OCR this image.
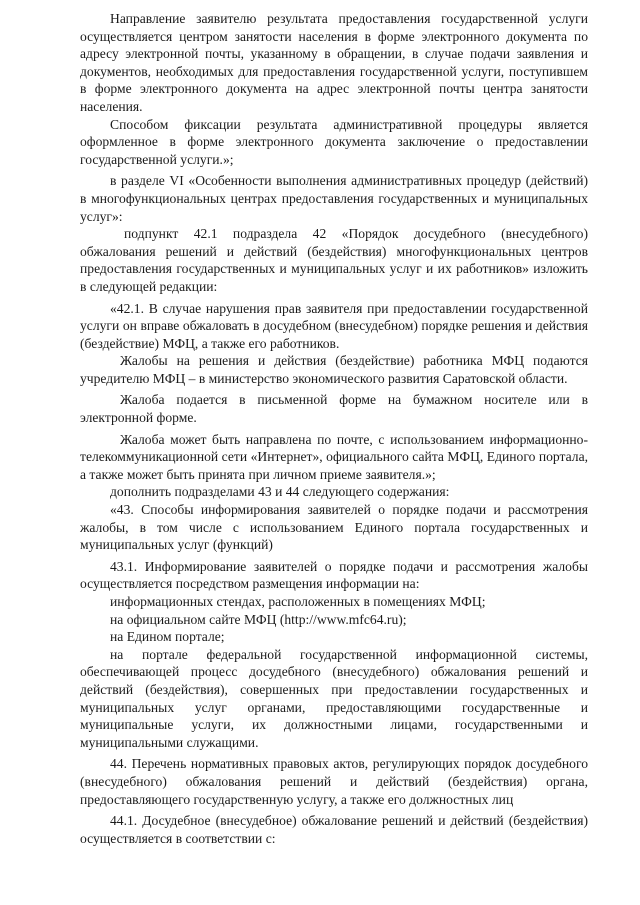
Направление заявителю результата предоставления государственной услуги осуществляется центром занятости населения в форме электронного документа по адресу электронной почты, указанному в обращении, в случае подачи заявления и документов, необходимых для предоставления государственной услуги, поступившем в форме электронного документа на адрес электронной почты центра занятости населения.

Способом фиксации результата административной процедуры является оформленное в форме электронного документа заключение о предоставлении государственной услуги.»;

в разделе VI «Особенности выполнения административных процедур (действий) в многофункциональных центрах предоставления государственных и муниципальных услуг»:

подпункт 42.1 подраздела 42 «Порядок досудебного (внесудебного) обжалования решений и действий (бездействия) многофункциональных центров предоставления государственных и муниципальных услуг и их работников» изложить в следующей редакции:

«42.1. В случае нарушения прав заявителя при предоставлении государственной услуги он вправе обжаловать в досудебном (внесудебном) порядке решения и действия (бездействие) МФЦ, а также его работников.

Жалобы на решения и действия (бездействие) работника МФЦ подаются учредителю МФЦ – в министерство экономического развития Саратовской области.

Жалоба подается в письменной форме на бумажном носителе или в электронной форме.

Жалоба может быть направлена по почте, с использованием информационно-телекоммуникационной сети «Интернет», официального сайта МФЦ, Единого портала, а также может быть принята при личном приеме заявителя.»;

дополнить подразделами 43 и 44 следующего содержания:

«43. Способы информирования заявителей о порядке подачи и рассмотрения жалобы, в том числе с использованием Единого портала государственных и муниципальных услуг (функций)

43.1. Информирование заявителей о порядке подачи и рассмотрения жалобы осуществляется посредством размещения информации на:

информационных стендах, расположенных в помещениях МФЦ;

на официальном сайте МФЦ (http://www.mfc64.ru);

на Едином портале;

на портале федеральной государственной информационной системы, обеспечивающей процесс досудебного (внесудебного) обжалования решений и действий (бездействия), совершенных при предоставлении государственных и муниципальных услуг органами, предоставляющими государственные и муниципальные услуги, их должностными лицами, государственными и муниципальными служащими.

44. Перечень нормативных правовых актов, регулирующих порядок досудебного (внесудебного) обжалования решений и действий (бездействия) органа, предоставляющего государственную услугу, а также его должностных лиц

44.1. Досудебное (внесудебное) обжалование решений и действий (бездействия) осуществляется в соответствии с:
